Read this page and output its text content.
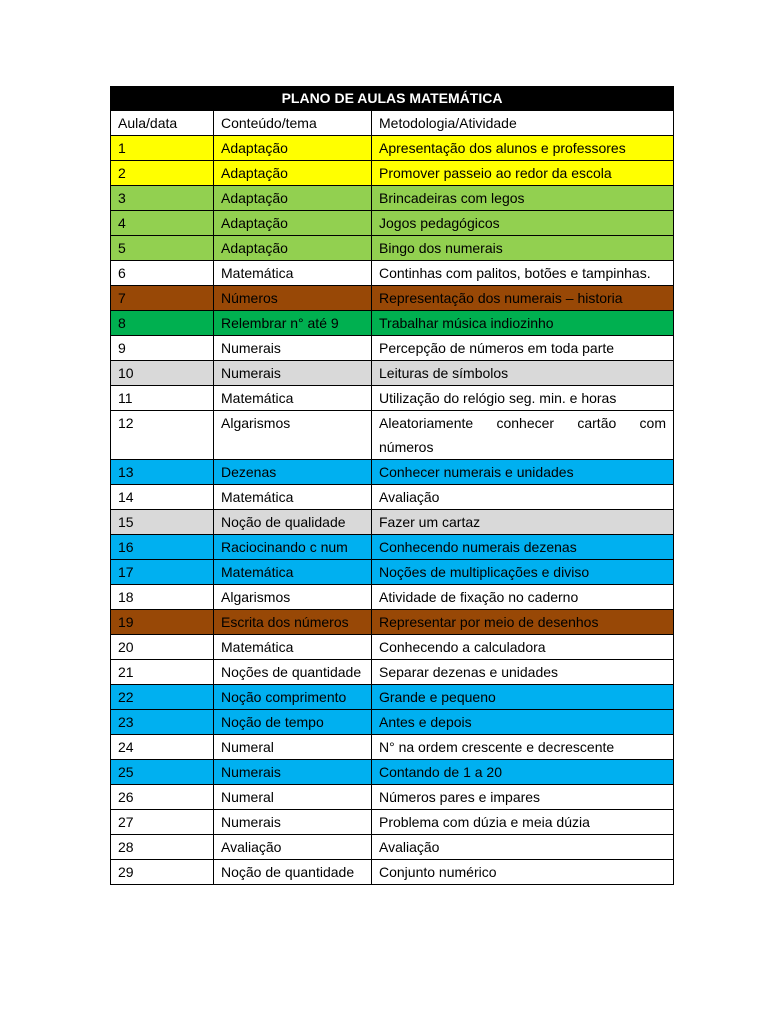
PLANO DE AULAS MATEMÁTICA		
Aula/data	Conteúdo/tema	Metodologia/Atividade
1	Adaptação	Apresentação dos alunos e professores
2	Adaptação	Promover passeio ao redor da escola
3	Adaptação	Brincadeiras com legos
4	Adaptação	Jogos pedagógicos
5	Adaptação	Bingo dos numerais
6	Matemática	Continhas com palitos, botões e tampinhas.
7	Números	Representação dos numerais – historia
8	Relembrar n° até 9	Trabalhar música indiozinho
9	Numerais	Percepção de números em toda parte
10	Numerais	Leituras de símbolos
11	Matemática	Utilização do relógio seg. min. e horas
12	Algarismos	Aleatoriamente conhecer cartão com números
13	Dezenas	Conhecer numerais e unidades
14	Matemática	Avaliação
15	Noção de qualidade	Fazer um cartaz
16	Raciocinando c num	Conhecendo numerais dezenas
17	Matemática	Noções de multiplicações e diviso
18	Algarismos	Atividade de fixação no caderno
19	Escrita dos números	Representar por meio de desenhos
20	Matemática	Conhecendo a calculadora
21	Noções de quantidade	Separar dezenas e unidades
22	Noção comprimento	Grande e pequeno
23	Noção de tempo	Antes e depois
24	Numeral	N° na ordem crescente e decrescente
25	Numerais	Contando de 1 a 20
26	Numeral	Números pares e impares
27	Numerais	Problema com dúzia e meia dúzia
28	Avaliação	Avaliação
29	Noção de quantidade	Conjunto numérico
